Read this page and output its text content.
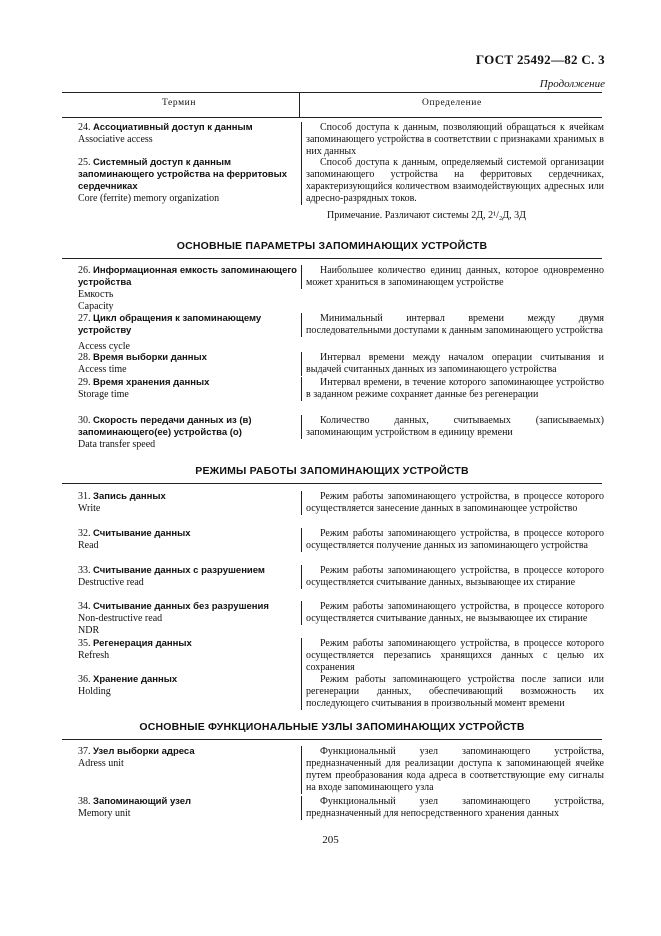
ГОСТ 25492—82 С. 3
Продолжение
Термин	Определение
24. Ассоциативный доступ к данным
Associative access
Способ доступа к данным, позволяющий обращаться к ячейкам запоминающего устройства в соответствии с признаками хранимых в них данных
25. Системный доступ к данным запоминающего устройства на ферритовых сердечниках
Core (ferrite) memory organization
Способ доступа к данным, определяемый системой организации запоминающего устройства на ферритовых сердечниках, характеризующийся количеством взаимодействующих адресных или адресно-разрядных токов.
Примечание. Различают системы 2Д, 2¹/₂Д, 3Д
ОСНОВНЫЕ ПАРАМЕТРЫ ЗАПОМИНАЮЩИХ УСТРОЙСТВ
26. Информационная емкость запоминающего устройства
Емкость
Capacity
Наибольшее количество единиц данных, которое одновременно может храниться в запоминающем устройстве
27. Цикл обращения к запоминающему устройству
Access cycle
Минимальный интервал времени между двумя последовательными доступами к данным запоминающего устройства
28. Время выборки данных
Access time
Интервал времени между началом операции считывания и выдачей считанных данных из запоминающего устройства
29. Время хранения данных
Storage time
Интервал времени, в течение которого запоминающее устройство в заданном режиме сохраняет данные без регенерации
30. Скорость передачи данных из (в) запоминающего(ее) устройства (о)
Data transfer speed
Количество данных, считываемых (записываемых) запоминающим устройством в единицу времени
РЕЖИМЫ РАБОТЫ ЗАПОМИНАЮЩИХ УСТРОЙСТВ
31. Запись данных
Write
Режим работы запоминающего устройства, в процессе которого осуществляется занесение данных в запоминающее устройство
32. Считывание данных
Read
Режим работы запоминающего устройства, в процессе которого осуществляется получение данных из запоминающего устройства
33. Считывание данных с разрушением
Destructive read
Режим работы запоминающего устройства, в процессе которого осуществляется считывание данных, вызывающее их стирание
34. Считывание данных без разрушения
Non-destructive read
NDR
Режим работы запоминающего устройства, в процессе которого осуществляется считывание данных, не вызывающее их стирание
35. Регенерация данных
Refresh
Режим работы запоминающего устройства, в процессе которого осуществляется перезапись хранящихся данных с целью их сохранения
36. Хранение данных
Holding
Режим работы запоминающего устройства после записи или регенерации данных, обеспечивающий возможность их последующего считывания в произвольный момент времени
ОСНОВНЫЕ ФУНКЦИОНАЛЬНЫЕ УЗЛЫ ЗАПОМИНАЮЩИХ УСТРОЙСТВ
37. Узел выборки адреса
Adress unit
Функциональный узел запоминающего устройства, предназначенный для реализации доступа к запоминающей ячейке путем преобразования кода адреса в соответствующие ему сигналы на входе запоминающего узла
38. Запоминающий узел
Memory unit
Функциональный узел запоминающего устройства, предназначенный для непосредственного хранения данных
205
